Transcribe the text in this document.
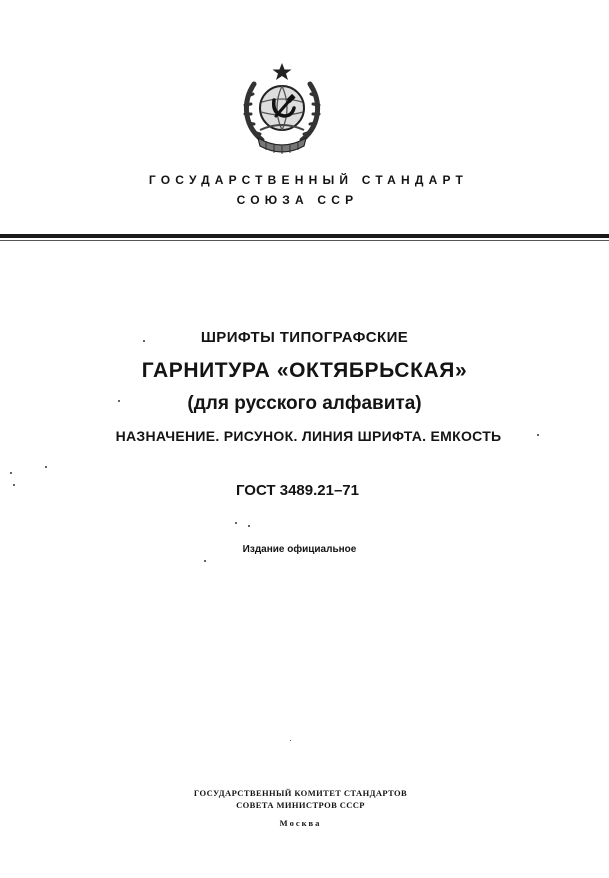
ГОСУДАРСТВЕННЫЙ СТАНДАРТ
СОЮЗА ССР
ШРИФТЫ ТИПОГРАФСКИЕ
ГАРНИТУРА «ОКТЯБРЬСКАЯ»
(для русского алфавита)
НАЗНАЧЕНИЕ. РИСУНОК. ЛИНИЯ ШРИФТА. ЕМКОСТЬ
ГОСТ 3489.21–71
Издание официальное
ГОСУДАРСТВЕННЫЙ КОМИТЕТ СТАНДАРТОВ
СОВЕТА МИНИСТРОВ СССР
Москва
